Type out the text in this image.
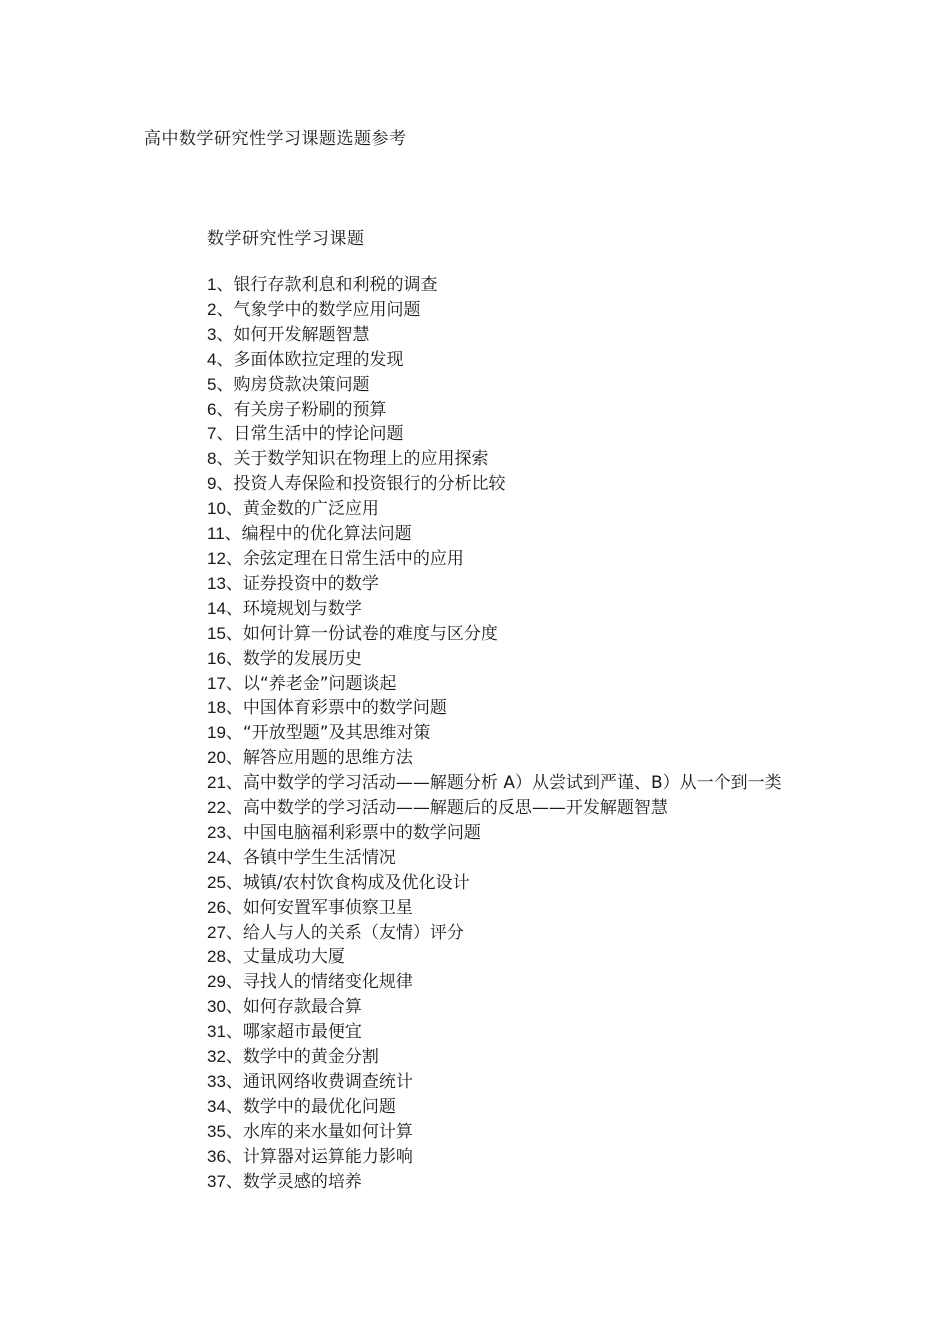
高中数学研究性学习课题选题参考
数学研究性学习课题
1、银行存款利息和利税的调查
2、气象学中的数学应用问题
3、如何开发解题智慧
4、多面体欧拉定理的发现
5、购房贷款决策问题
6、有关房子粉刷的预算
7、日常生活中的悖论问题
8、关于数学知识在物理上的应用探索
9、投资人寿保险和投资银行的分析比较
10、黄金数的广泛应用
11、编程中的优化算法问题
12、余弦定理在日常生活中的应用
13、证券投资中的数学
14、环境规划与数学
15、如何计算一份试卷的难度与区分度
16、数学的发展历史
17、以“养老金”问题谈起
18、中国体育彩票中的数学问题
19、“开放型题”及其思维对策
20、解答应用题的思维方法
21、高中数学的学习活动——解题分析 A）从尝试到严谨、B）从一个到一类
22、高中数学的学习活动——解题后的反思——开发解题智慧
23、中国电脑福利彩票中的数学问题
24、各镇中学生生活情况
25、城镇/农村饮食构成及优化设计
26、如何安置军事侦察卫星
27、给人与人的关系（友情）评分
28、丈量成功大厦
29、寻找人的情绪变化规律
30、如何存款最合算
31、哪家超市最便宜
32、数学中的黄金分割
33、通讯网络收费调查统计
34、数学中的最优化问题
35、水库的来水量如何计算
36、计算器对运算能力影响
37、数学灵感的培养
